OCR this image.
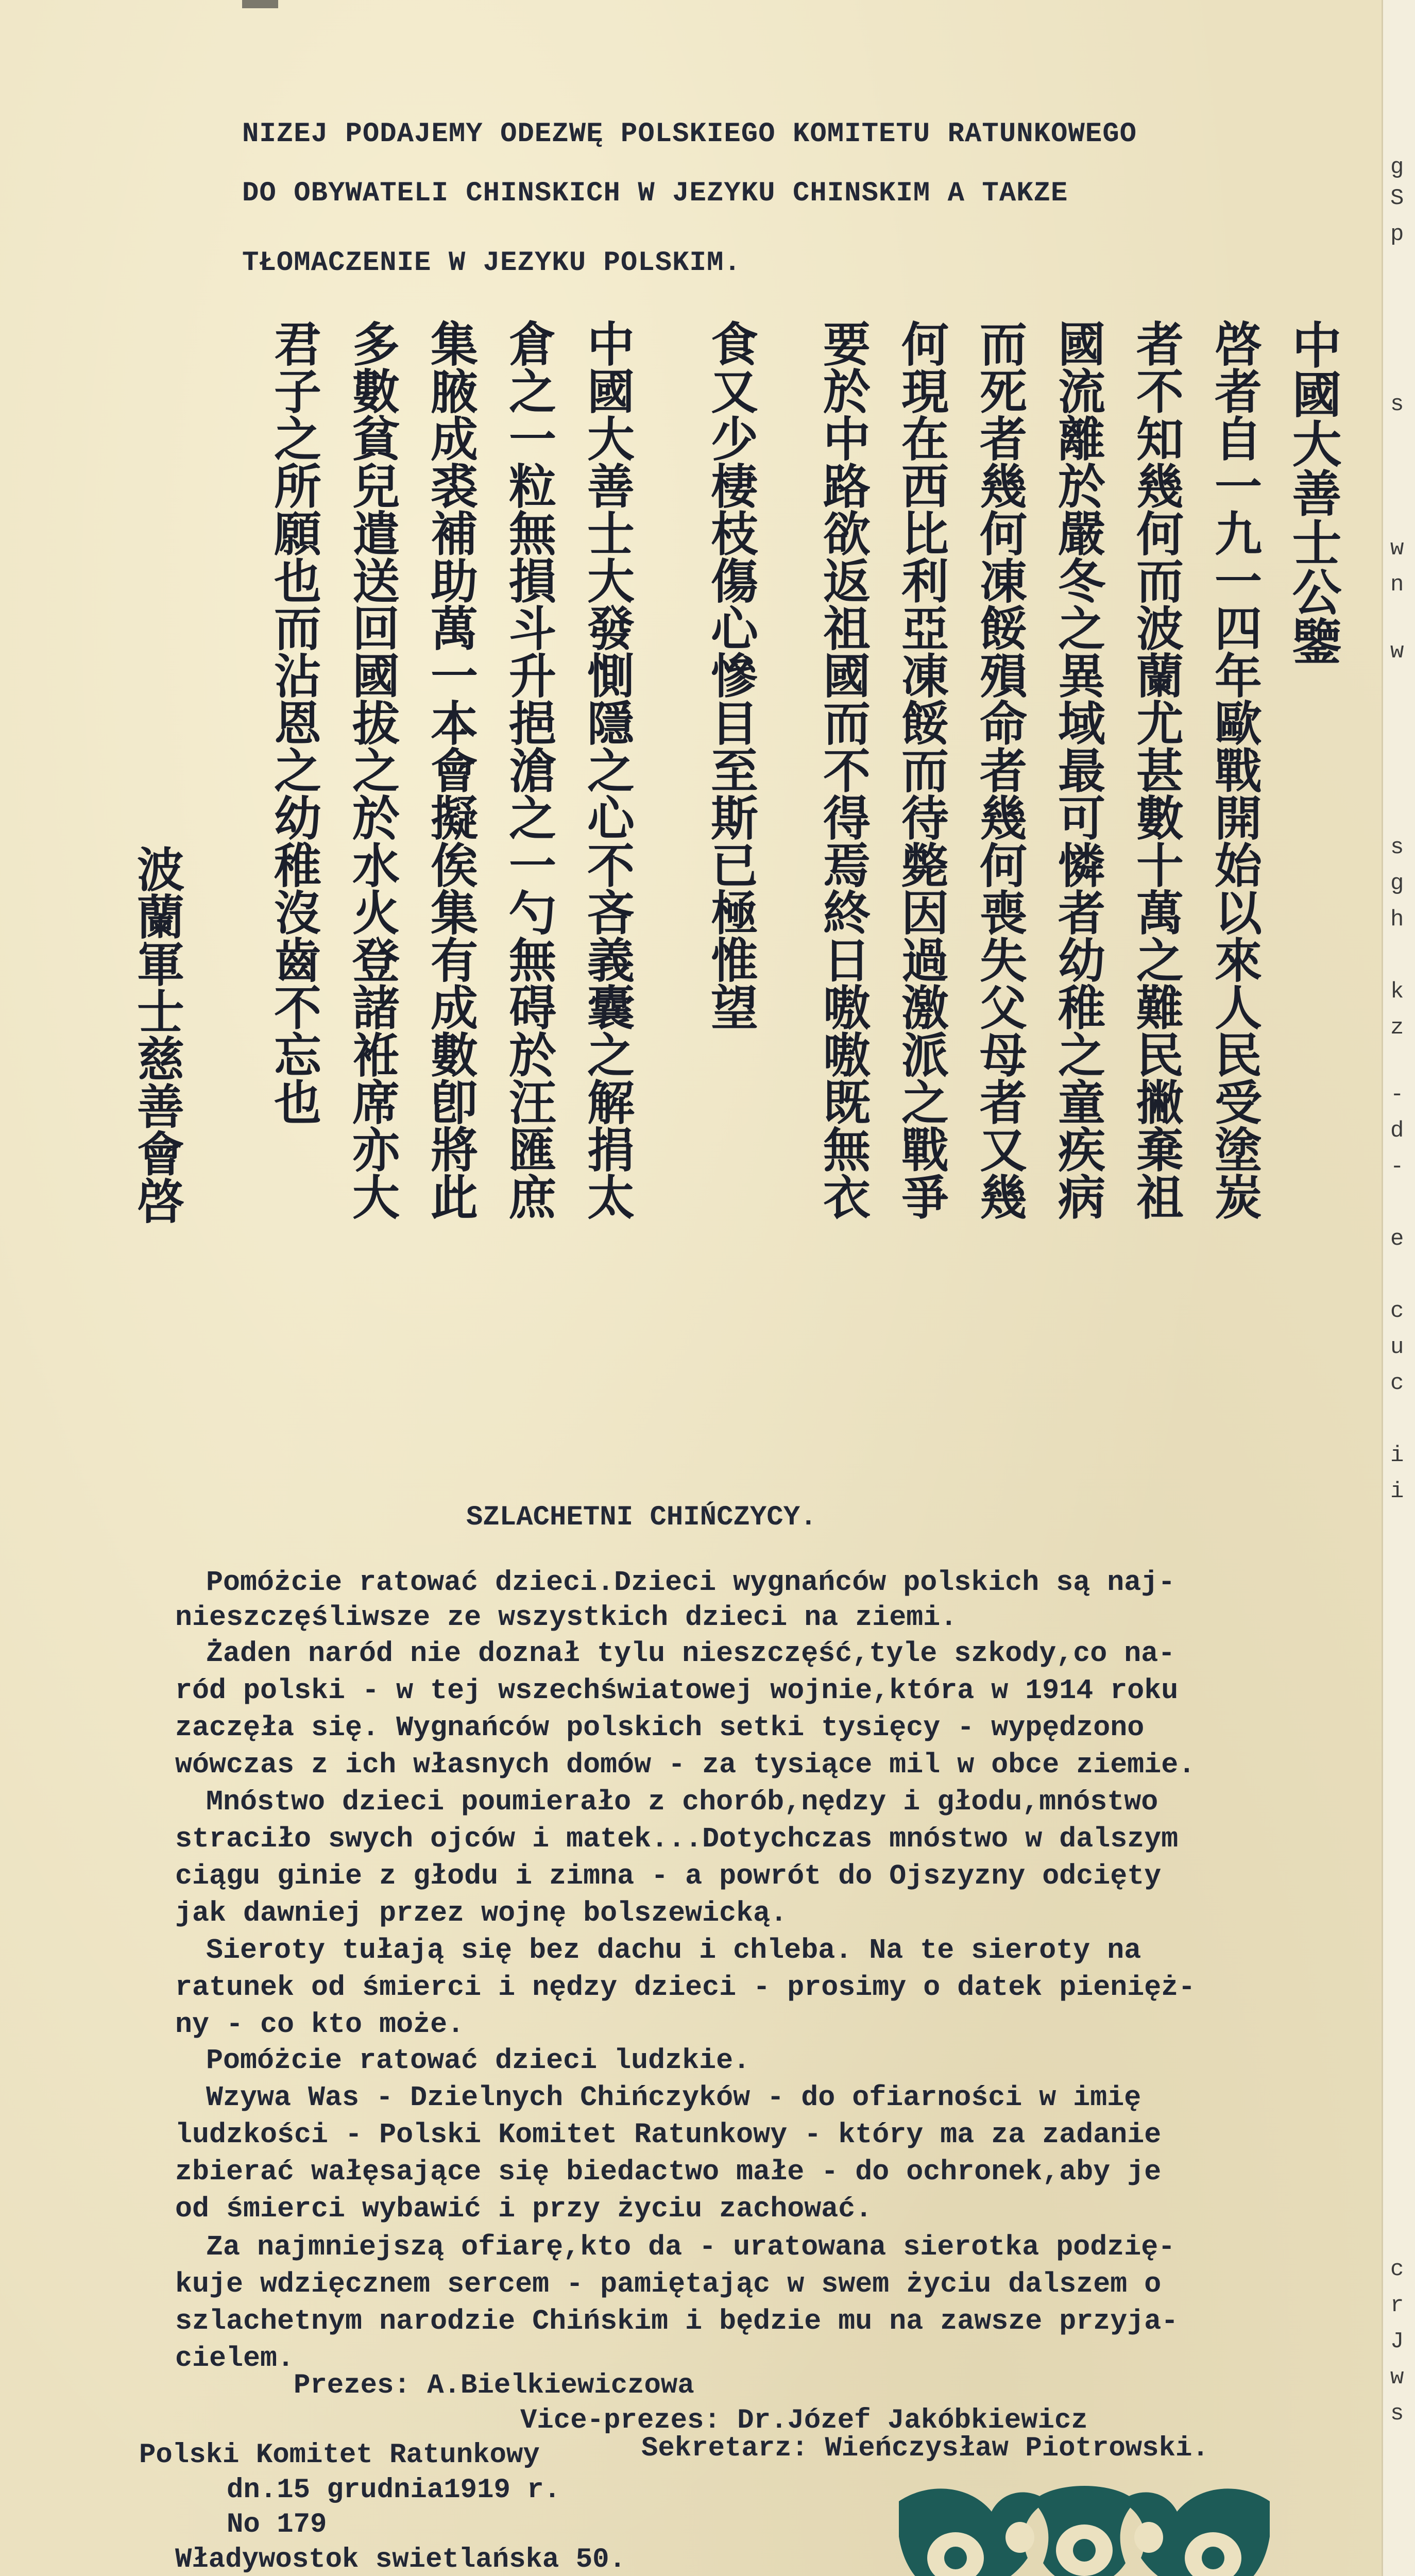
NIZEJ PODAJEMY ODEZWĘ POLSKIEGO KOMITETU RATUNKOWEGO
DO OBYWATELI CHINSKICH W JEZYKU CHINSKIM A TAKZE
TŁOMACZENIE W JEZYKU POLSKIM.
中國大善士公鑒
啓者自一九一四年歐戰開始以來人民受塗炭
者不知幾何而波蘭尤甚數十萬之難民撇棄祖
國流離於嚴冬之異域最可憐者幼稚之童疾病
而死者幾何凍餒殞命者幾何喪失父母者又幾
何現在西比利亞凍餒而待斃因過激派之戰爭
要於中路欲返祖國而不得焉終日嗷嗷既無衣
食又少棲枝傷心慘目至斯已極惟望
中國大善士大發惻隱之心不吝義囊之解捐太
倉之一粒無損斗升挹滄之一勺無碍於汪匯庶
集腋成裘補助萬一本會擬俟集有成數卽將此
多數貧兒遣送回國拔之於水火登諸袵席亦大
君子之所願也而沾恩之幼稚沒齒不忘也
波蘭軍士慈善會啓
SZLACHETNI CHIŃCZYCY.
Pomóżcie ratować dzieci.Dzieci wygnańców polskich są naj-
nieszczęśliwsze ze wszystkich dzieci na ziemi.
Żaden naród nie doznał tylu nieszczęść,tyle szkody,co na-
ród polski - w tej wszechświatowej wojnie,która w 1914 roku
zaczęła się. Wygnańców polskich setki tysięcy - wypędzono
wówczas z ich własnych domów - za tysiące mil w obce ziemie.
Mnóstwo dzieci poumierało z chorób,nędzy i głodu,mnóstwo
straciło swych ojców i matek...Dotychczas mnóstwo w dalszym
ciągu ginie z głodu i zimna - a powrót do Ojszyzny odcięty
jak dawniej przez wojnę bolszewicką.
Sieroty tułają się bez dachu i chleba. Na te sieroty na
ratunek od śmierci i nędzy dzieci - prosimy o datek pienięż-
ny - co kto może.
Pomóżcie ratować dzieci ludzkie.
Wzywa Was - Dzielnych Chińczyków - do ofiarności w imię
ludzkości - Polski Komitet Ratunkowy - który ma za zadanie
zbierać wałęsające się biedactwo małe - do ochronek,aby je
od śmierci wybawić i przy życiu zachować.
Za najmniejszą ofiarę,kto da - uratowana sierotka podzię-
kuje wdzięcznem sercem - pamiętając w swem życiu dalszem o
szlachetnym narodzie Chińskim i będzie mu na zawsze przyja-
cielem.
Prezes: A.Bielkiewiczowa
Vice-prezes: Dr.Józef Jakóbkiewicz
Polski Komitet Ratunkowy	Sekretarz: Wieńczysław Piotrowski.
dn.15 grudnia1919 r.
No 179
Władywostok swietlańska 50.
g
S
p
s
w
n
w
s
g
h
k
z
-
d
-
e
c
u
c
i
i
c
r
J
w
s
